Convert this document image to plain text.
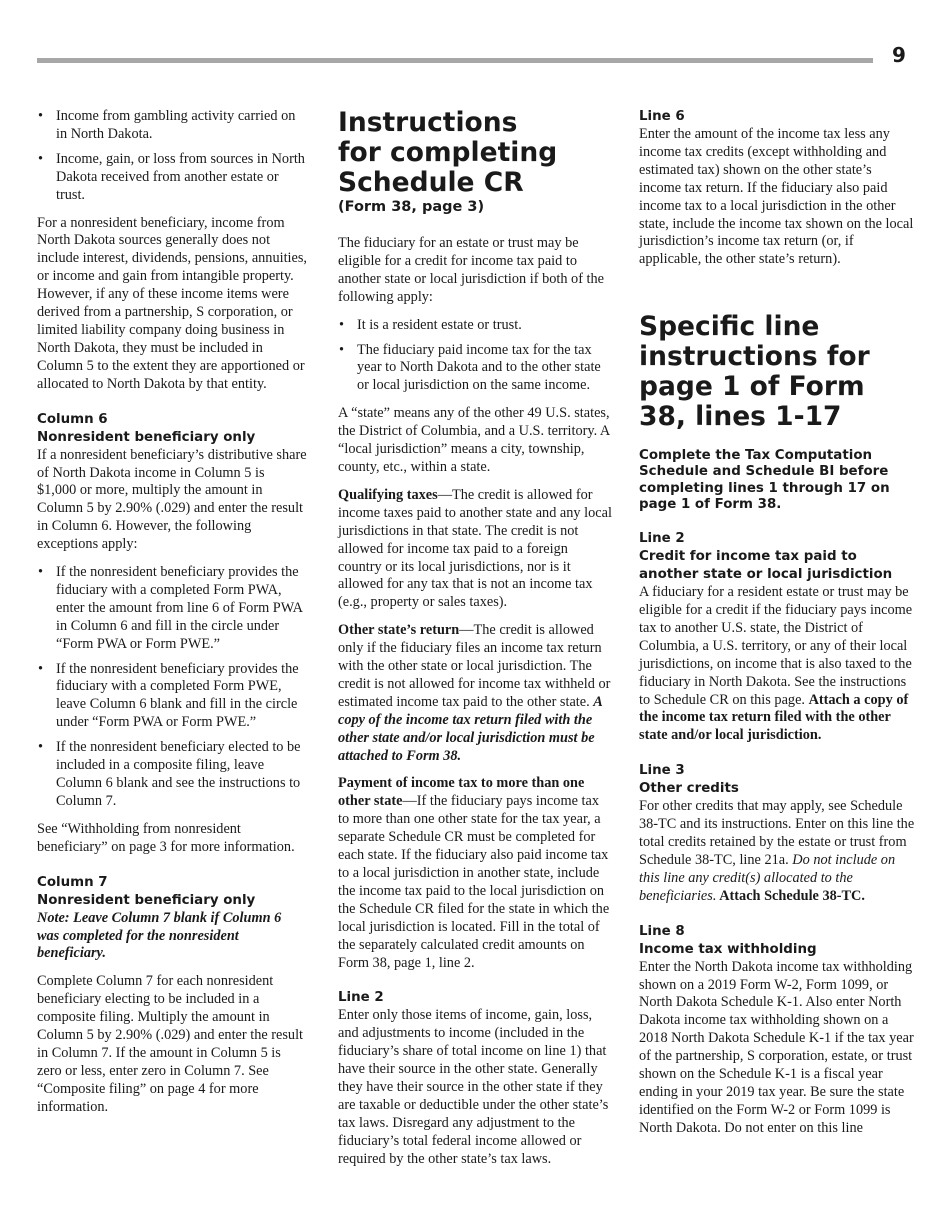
9
• Income from gambling activity carried on in North Dakota.
• Income, gain, or loss from sources in North Dakota received from another estate or trust.

For a nonresident beneficiary, income from North Dakota sources generally does not include interest, dividends, pensions, annuities, or income and gain from intangible property. However, if any of these income items were derived from a partnership, S corporation, or limited liability company doing business in North Dakota, they must be included in Column 5 to the extent they are apportioned or allocated to North Dakota by that entity.

Column 6
Nonresident beneficiary only

If a nonresident beneficiary’s distributive share of North Dakota income in Column 5 is $1,000 or more, multiply the amount in Column 5 by 2.90% (.029) and enter the result in Column 6. However, the following exceptions apply:

• If the nonresident beneficiary provides the fiduciary with a completed Form PWA, enter the amount from line 6 of Form PWA in Column 6 and fill in the circle under “Form PWA or Form PWE.”
• If the nonresident beneficiary provides the fiduciary with a completed Form PWE, leave Column 6 blank and fill in the circle under “Form PWA or Form PWE.”
• If the nonresident beneficiary elected to be included in a composite filing, leave Column 6 blank and see the instructions to Column 7.

See “Withholding from nonresident beneficiary” on page 3 for more information.

Column 7
Nonresident beneficiary only

Note: Leave Column 7 blank if Column 6 was completed for the nonresident beneficiary.

Complete Column 7 for each nonresident beneficiary electing to be included in a composite filing. Multiply the amount in Column 5 by 2.90% (.029) and enter the result in Column 7. If the amount in Column 5 is zero or less, enter zero in Column 7. See “Composite filing” on page 4 for more information.

Instructions
for completing
Schedule CR
(Form 38, page 3)

The fiduciary for an estate or trust may be eligible for a credit for income tax paid to another state or local jurisdiction if both of the following apply:

• It is a resident estate or trust.
• The fiduciary paid income tax for the tax year to North Dakota and to the other state or local jurisdiction on the same income.

A “state” means any of the other 49 U.S. states, the District of Columbia, and a U.S. territory. A “local jurisdiction” means a city, township, county, etc., within a state.

Qualifying taxes—The credit is allowed for income taxes paid to another state and any local jurisdictions in that state. The credit is not allowed for income tax paid to a foreign country or its local jurisdictions, nor is it allowed for any tax that is not an income tax (e.g., property or sales taxes).

Other state’s return—The credit is allowed only if the fiduciary files an income tax return with the other state or local jurisdiction. The credit is not allowed for income tax withheld or estimated income tax paid to the other state. A copy of the income tax return filed with the other state and/or local jurisdiction must be attached to Form 38.

Payment of income tax to more than one other state—If the fiduciary pays income tax to more than one other state for the tax year, a separate Schedule CR must be completed for each state. If the fiduciary also paid income tax to a local jurisdiction in another state, include the income tax paid to the local jurisdiction on the Schedule CR filed for the state in which the local jurisdiction is located. Fill in the total of the separately calculated credit amounts on Form 38, page 1, line 2.

Line 2

Enter only those items of income, gain, loss, and adjustments to income (included in the fiduciary’s share of total income on line 1) that have their source in the other state. Generally they have their source in the other state if they are taxable or deductible under the other state’s tax laws. Disregard any adjustment to the fiduciary’s total federal income allowed or required by the other state’s tax laws.

Line 6

Enter the amount of the income tax less any income tax credits (except withholding and estimated tax) shown on the other state’s income tax return. If the fiduciary also paid income tax to a local jurisdiction in the other state, include the income tax shown on the local jurisdiction’s income tax return (or, if applicable, the other state’s return).

Specific line instructions for page 1 of Form 38, lines 1-17
Complete the Tax Computation Schedule and Schedule BI before completing lines 1 through 17 on page 1 of Form 38.
Line 2
Credit for income tax paid to another state or local jurisdiction

A fiduciary for a resident estate or trust may be eligible for a credit if the fiduciary pays income tax to another U.S. state, the District of Columbia, a U.S. territory, or any of their local jurisdictions, on income that is also taxed to the fiduciary in North Dakota. See the instructions to Schedule CR on this page. Attach a copy of the income tax return filed with the other state and/or local jurisdiction.

Line 3
Other credits

For other credits that may apply, see Schedule 38-TC and its instructions. Enter on this line the total credits retained by the estate or trust from Schedule 38-TC, line 21a. Do not include on this line any credit(s) allocated to the beneficiaries. Attach Schedule 38-TC.

Line 8
Income tax withholding

Enter the North Dakota income tax withholding shown on a 2019 Form W-2, Form 1099, or North Dakota Schedule K-1. Also enter North Dakota income tax withholding shown on a 2018 North Dakota Schedule K-1 if the tax year of the partnership, S corporation, estate, or trust shown on the Schedule K-1 is a fiscal year ending in your 2019 tax year. Be sure the state identified on the Form W-2 or Form 1099 is North Dakota. Do not enter on this line
